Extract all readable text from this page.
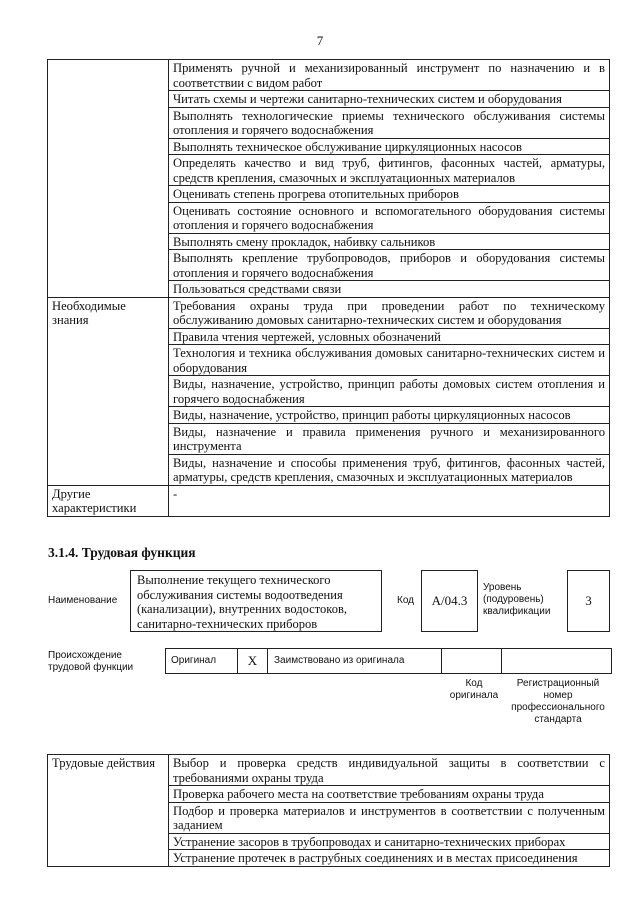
7
	Применять ручной и механизированный инструмент по назначению и в соответствии с видом работ
	Читать схемы и чертежи санитарно-технических систем и оборудования
	Выполнять технологические приемы технического обслуживания системы отопления и горячего водоснабжения
	Выполнять техническое обслуживание циркуляционных насосов
	Определять качество и вид труб, фитингов, фасонных частей, арматуры, средств крепления, смазочных и эксплуатационных материалов
	Оценивать степень прогрева отопительных приборов
	Оценивать состояние основного и вспомогательного оборудования системы отопления и горячего водоснабжения
	Выполнять смену прокладок, набивку сальников
	Выполнять крепление трубопроводов, приборов и оборудования системы отопления и горячего водоснабжения
	Пользоваться средствами связи
Необходимые знания	Требования охраны труда при проведении работ по техническому обслуживанию домовых санитарно-технических систем и оборудования
	Правила чтения чертежей, условных обозначений
	Технология и техника обслуживания домовых санитарно-технических систем и оборудования
	Виды, назначение, устройство, принцип работы домовых систем отопления и горячего водоснабжения
	Виды, назначение, устройство, принцип работы циркуляционных насосов
	Виды, назначение и правила применения ручного и механизированного инструмента
	Виды, назначение и способы применения труб, фитингов, фасонных частей, арматуры, средств крепления, смазочных и эксплуатационных материалов
Другие характеристики	-
3.1.4. Трудовая функция
Наименование
Выполнение текущего технического обслуживания системы водоотведения (канализации), внутренних водостоков, санитарно-технических приборов
Код	А/04.3
Уровень (подуровень) квалификации
3
Происхождение трудовой функции
Оригинал	X	Заимствовано из оригинала
Код оригинала
Регистрационный номер профессионального стандарта
Трудовые действия	Выбор и проверка средств индивидуальной защиты в соответствии с требованиями охраны труда
Проверка рабочего места на соответствие требованиям охраны труда
Подбор и проверка материалов и инструментов в соответствии с полученным заданием
Устранение засоров в трубопроводах и санитарно-технических приборах
Устранение протечек в раструбных соединениях и в местах присоединения
